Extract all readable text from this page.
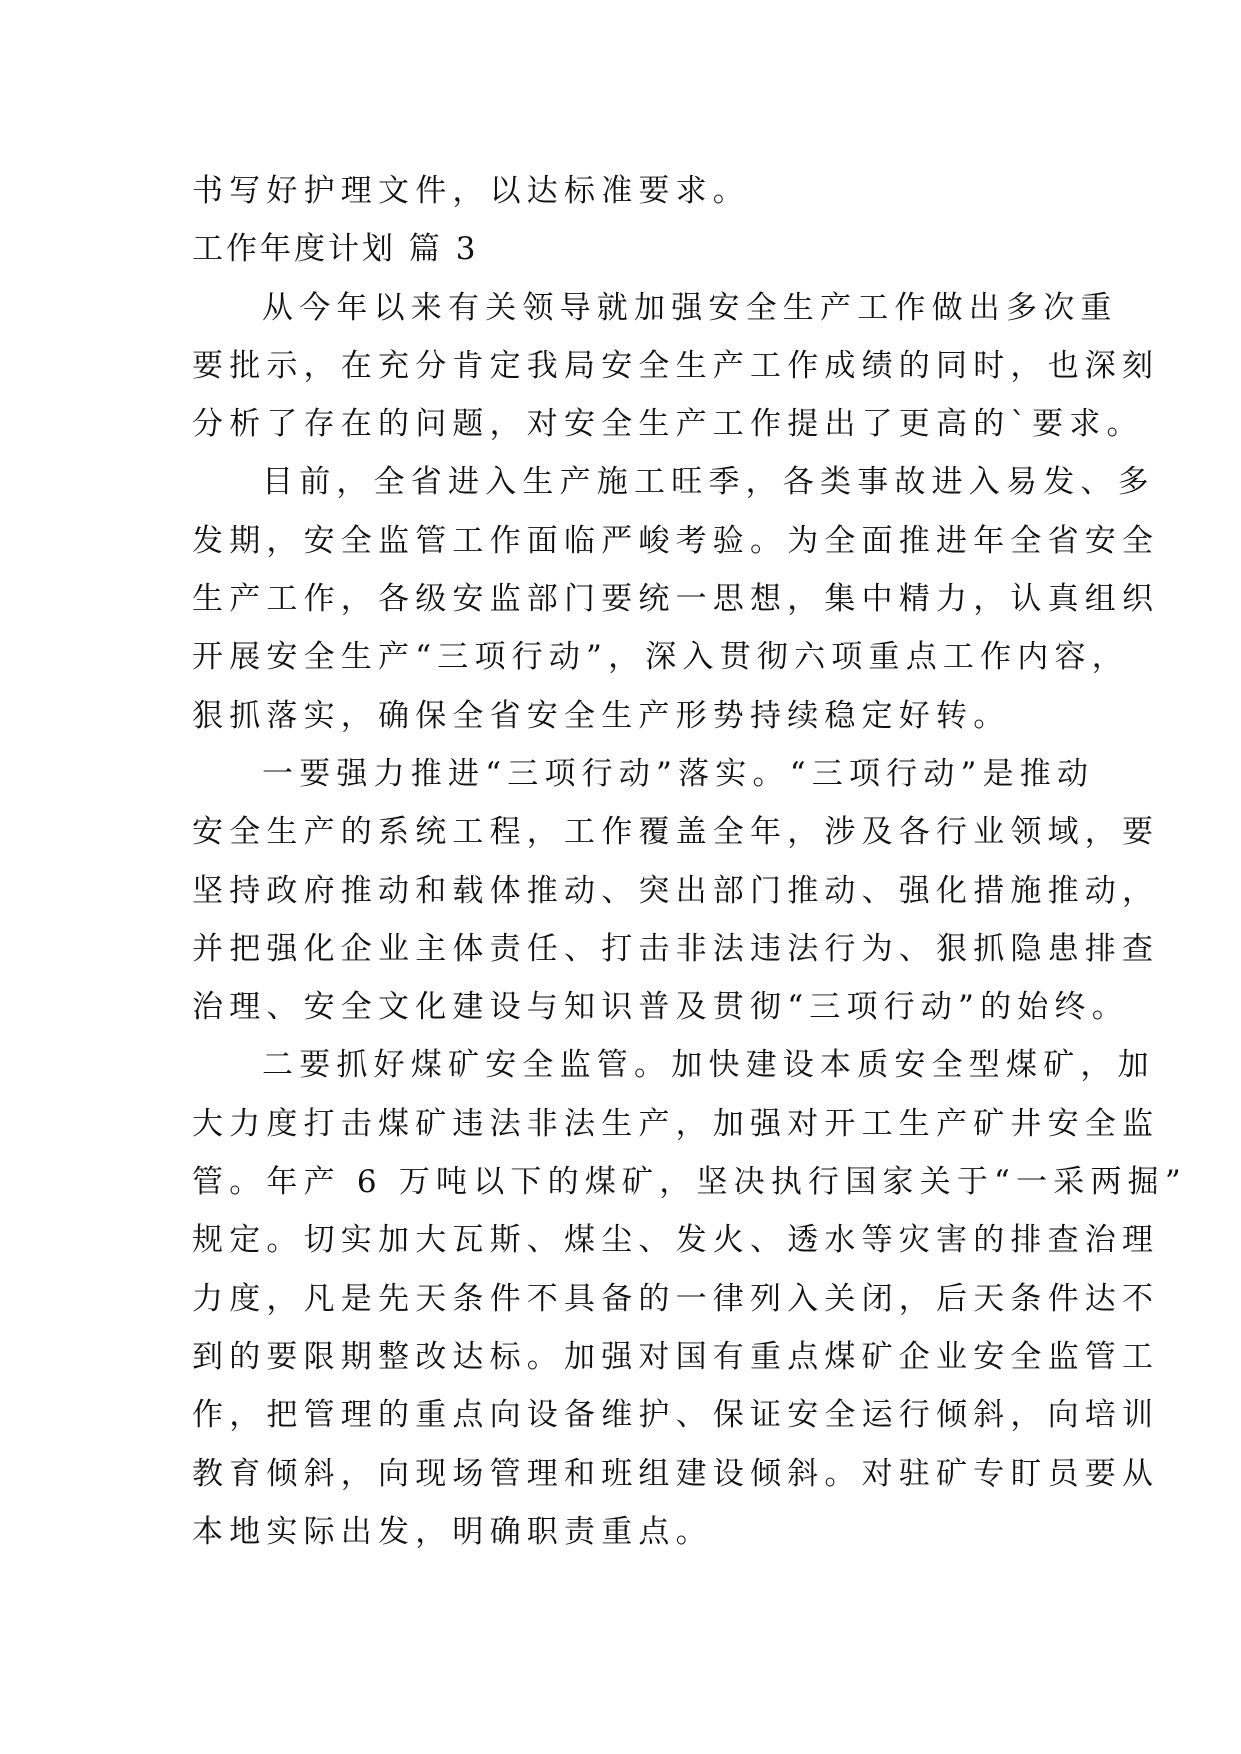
书写好护理文件，以达标准要求。
工作年度计划 篇 3
从今年以来有关领导就加强安全生产工作做出多次重
要批示，在充分肯定我局安全生产工作成绩的同时，也深刻
分析了存在的问题，对安全生产工作提出了更高的`要求。
目前，全省进入生产施工旺季，各类事故进入易发、多
发期，安全监管工作面临严峻考验。为全面推进年全省安全
生产工作，各级安监部门要统一思想，集中精力，认真组织
开展安全生产“三项行动”，深入贯彻六项重点工作内容，
狠抓落实，确保全省安全生产形势持续稳定好转。
一要强力推进“三项行动”落实。“三项行动”是推动
安全生产的系统工程，工作覆盖全年，涉及各行业领域，要
坚持政府推动和载体推动、突出部门推动、强化措施推动，
并把强化企业主体责任、打击非法违法行为、狠抓隐患排查
治理、安全文化建设与知识普及贯彻“三项行动”的始终。
二要抓好煤矿安全监管。加快建设本质安全型煤矿，加
大力度打击煤矿违法非法生产，加强对开工生产矿井安全监
管。年产 6 万吨以下的煤矿，坚决执行国家关于“一采两掘”
规定。切实加大瓦斯、煤尘、发火、透水等灾害的排查治理
力度，凡是先天条件不具备的一律列入关闭，后天条件达不
到的要限期整改达标。加强对国有重点煤矿企业安全监管工
作，把管理的重点向设备维护、保证安全运行倾斜，向培训
教育倾斜，向现场管理和班组建设倾斜。对驻矿专盯员要从
本地实际出发，明确职责重点。
